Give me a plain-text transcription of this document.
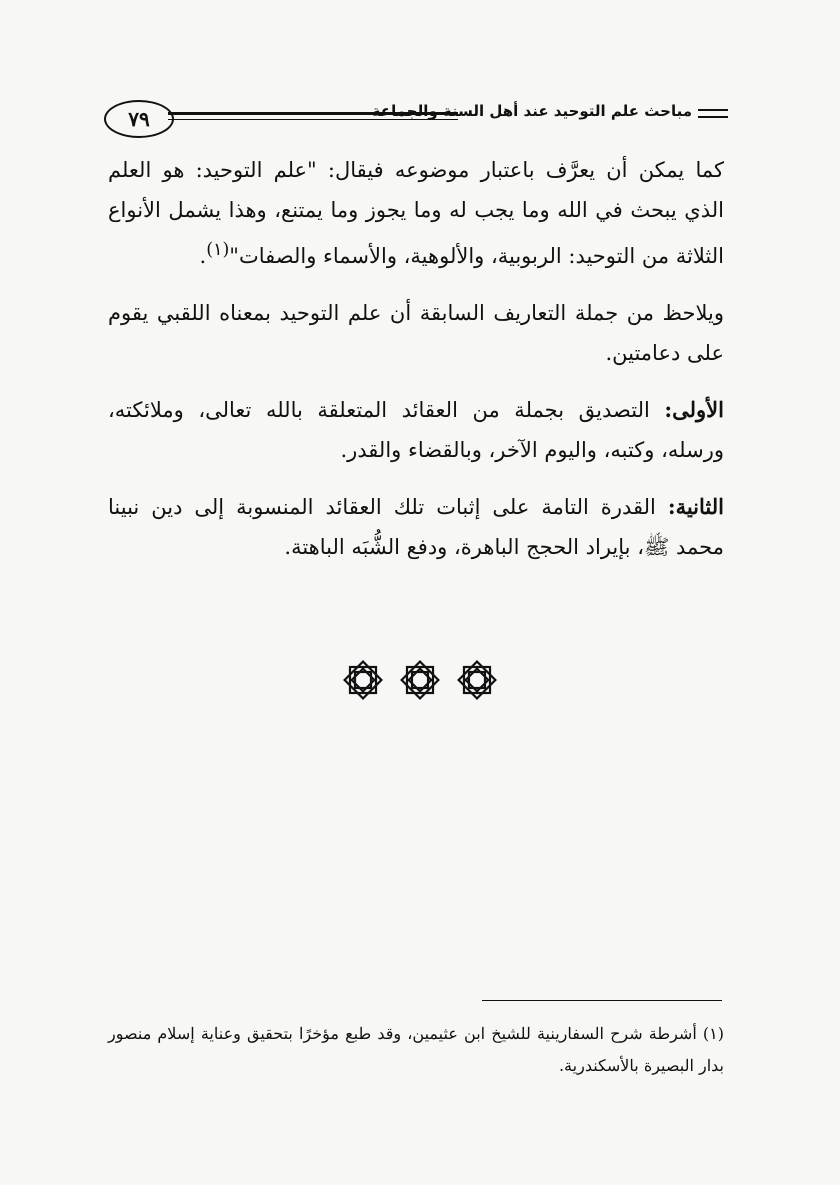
٧٩	مباحث علم التوحيد عند أهل السنة والجماعة

كما يمكن أن يعرَّف باعتبار موضوعه فيقال: "علم التوحيد: هو العلم الذي يبحث في الله وما يجب له وما يجوز وما يمتنع، وهذا يشمل الأنواع الثلاثة من التوحيد: الربوبية، والألوهية، والأسماء والصفات"$^{(١)}$.

ويلاحظ من جملة التعاريف السابقة أن علم التوحيد بمعناه اللقبي يقوم على دعامتين.

الأولى: التصديق بجملة من العقائد المتعلقة بالله تعالى، وملائكته، ورسله، وكتبه، واليوم الآخر، وبالقضاء والقدر.

الثانية: القدرة التامة على إثبات تلك العقائد المنسوبة إلى دين نبينا محمد ﷺ، بإيراد الحجج الباهرة، ودفع الشُّبَه الباهتة.

(١) أشرطة شرح السفارينية للشيخ ابن عثيمين، وقد طبع مؤخرًا بتحقيق وعناية إسلام منصور بدار البصيرة بالأسكندرية.
